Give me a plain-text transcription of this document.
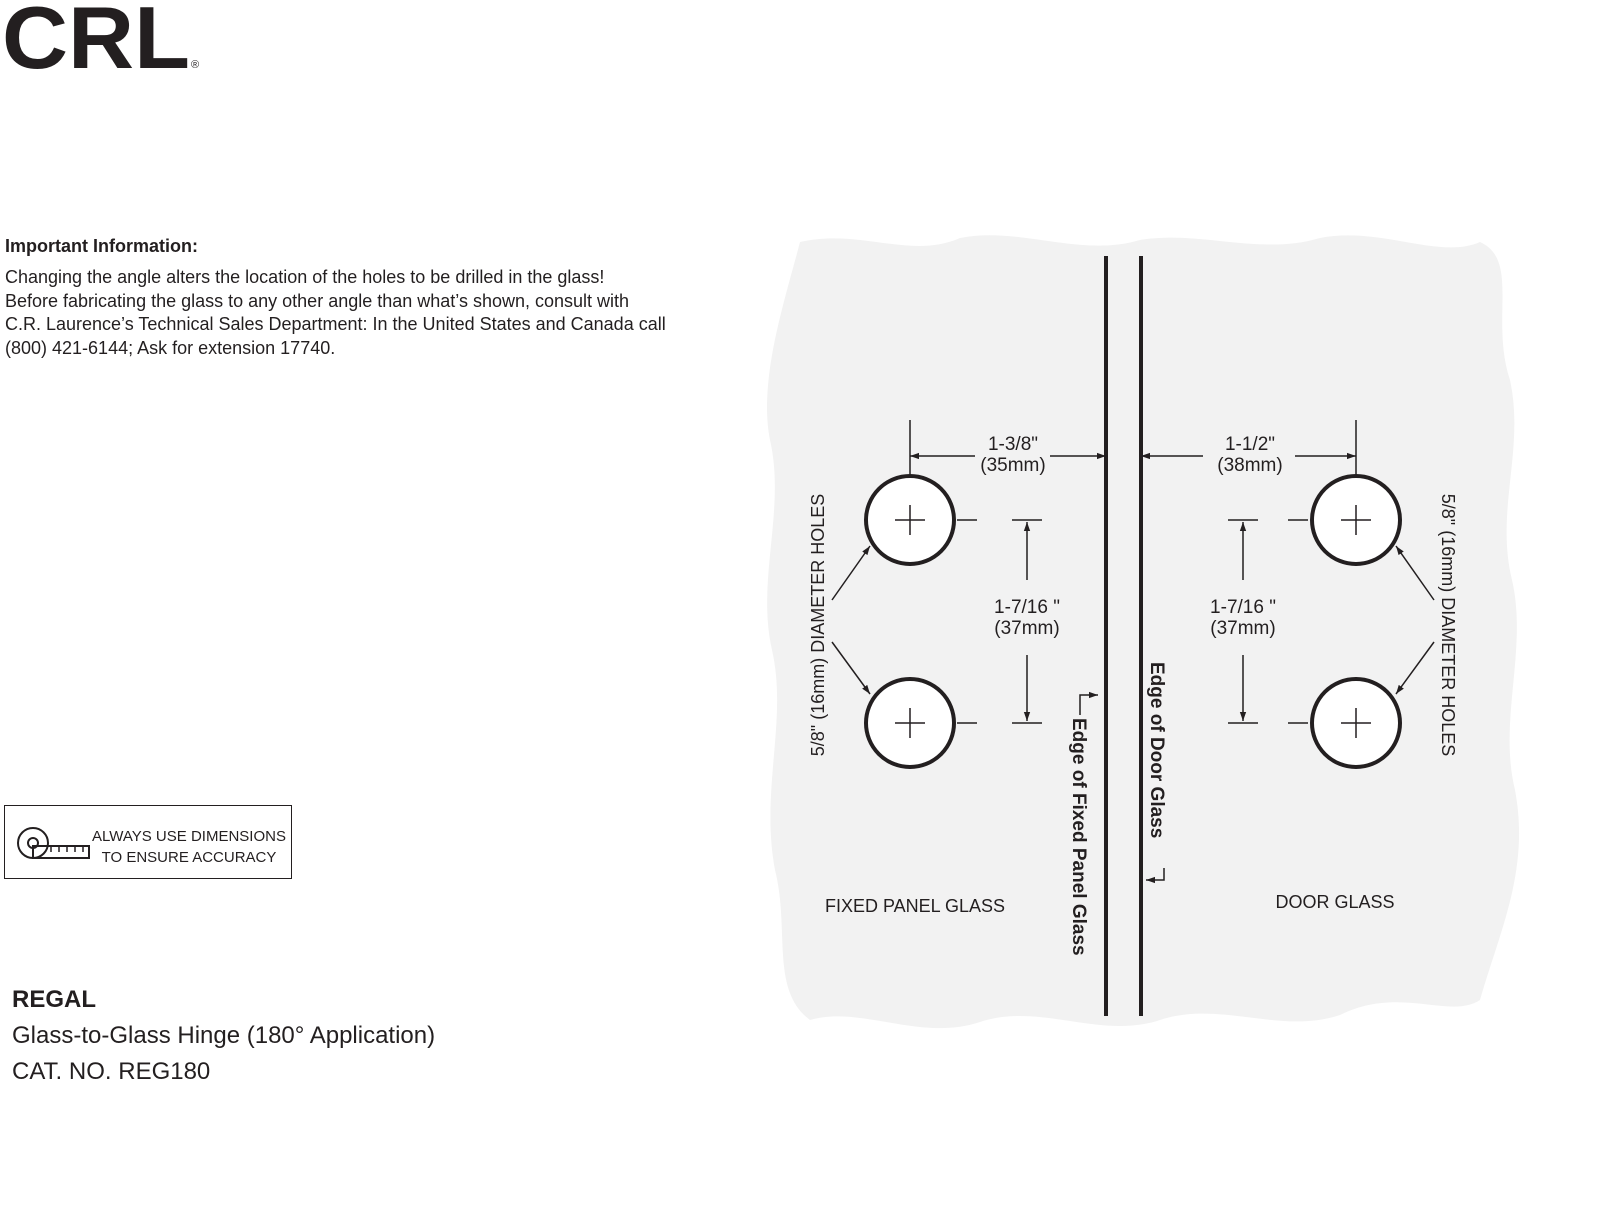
CRL ®
Important Information:
Changing the angle alters the location of the holes to be drilled in the glass!
Before fabricating the glass to any other angle than what’s shown, consult with
C.R. Laurence’s Technical Sales Department: In the United States and Canada call
(800) 421-6144; Ask for extension 17740.
ALWAYS USE DIMENSIONS
TO ENSURE ACCURACY
REGAL
Glass-to-Glass Hinge (180° Application)
CAT. NO. REG180
1-3/8"
(35mm)
1-7/16 "
(37mm)
5/8" (16mm) DIAMETER HOLES
Edge of Fixed Panel Glass
FIXED PANEL GLASS
1-1/2"
(38mm)
1-7/16 "
(37mm)	5/8" (16mm) DIAMETER HOLES
Edge of Door Glass
DOOR GLASS
